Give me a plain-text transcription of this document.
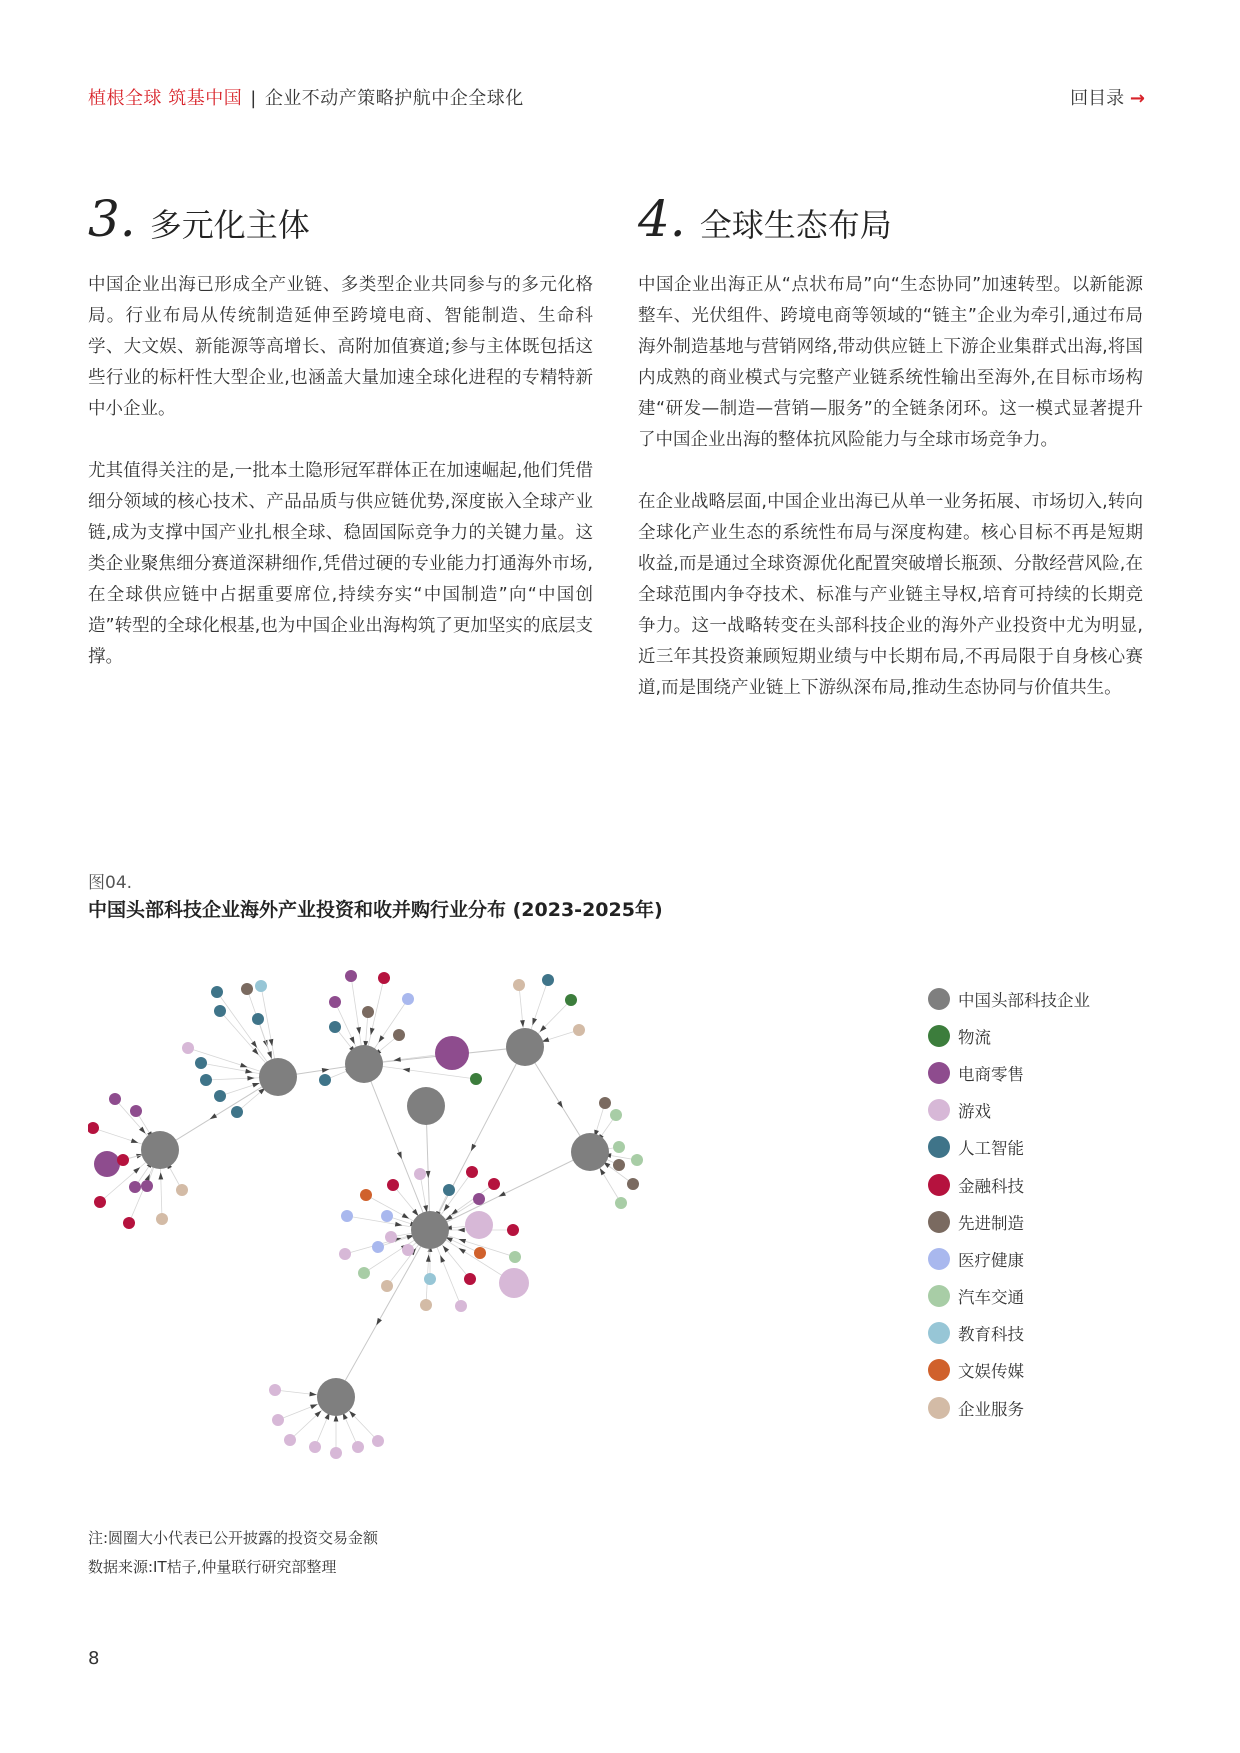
植根全球 筑基中国 | 企业不动产策略护航中企全球化	回目录 →
3. 多元化主体

中国企业出海已形成全产业链、多类型企业共同参与的多元化格局。行业布局从传统制造延伸至跨境电商、智能制造、生命科学、大文娱、新能源等高增长、高附加值赛道;参与主体既包括这些行业的标杆性大型企业,也涵盖大量加速全球化进程的专精特新中小企业。

尤其值得关注的是,一批本土隐形冠军群体正在加速崛起,他们凭借细分领域的核心技术、产品品质与供应链优势,深度嵌入全球产业链,成为支撑中国产业扎根全球、稳固国际竞争力的关键力量。这类企业聚焦细分赛道深耕细作,凭借过硬的专业能力打通海外市场,在全球供应链中占据重要席位,持续夯实“中国制造”向“中国创造”转型的全球化根基,也为中国企业出海构筑了更加坚实的底层支撑。

4. 全球生态布局

中国企业出海正从“点状布局”向“生态协同”加速转型。以新能源整车、光伏组件、跨境电商等领域的“链主”企业为牵引,通过布局海外制造基地与营销网络,带动供应链上下游企业集群式出海,将国内成熟的商业模式与完整产业链系统性输出至海外,在目标市场构建“研发—制造—营销—服务”的全链条闭环。这一模式显著提升了中国企业出海的整体抗风险能力与全球市场竞争力。

在企业战略层面,中国企业出海已从单一业务拓展、市场切入,转向全球化产业生态的系统性布局与深度构建。核心目标不再是短期收益,而是通过全球资源优化配置突破增长瓶颈、分散经营风险,在全球范围内争夺技术、标准与产业链主导权,培育可持续的长期竞争力。这一战略转变在头部科技企业的海外产业投资中尤为明显,近三年其投资兼顾短期业绩与中长期布局,不再局限于自身核心赛道,而是围绕产业链上下游纵深布局,推动生态协同与价值共生。

图04.
中国头部科技企业海外产业投资和收并购行业分布 (2023-2025年)
中国头部科技企业
物流
电商零售
游戏
人工智能
金融科技
先进制造
医疗健康
汽车交通
教育科技
文娱传媒
企业服务
注:圆圈大小代表已公开披露的投资交易金额
数据来源:IT桔子,仲量联行研究部整理
8
